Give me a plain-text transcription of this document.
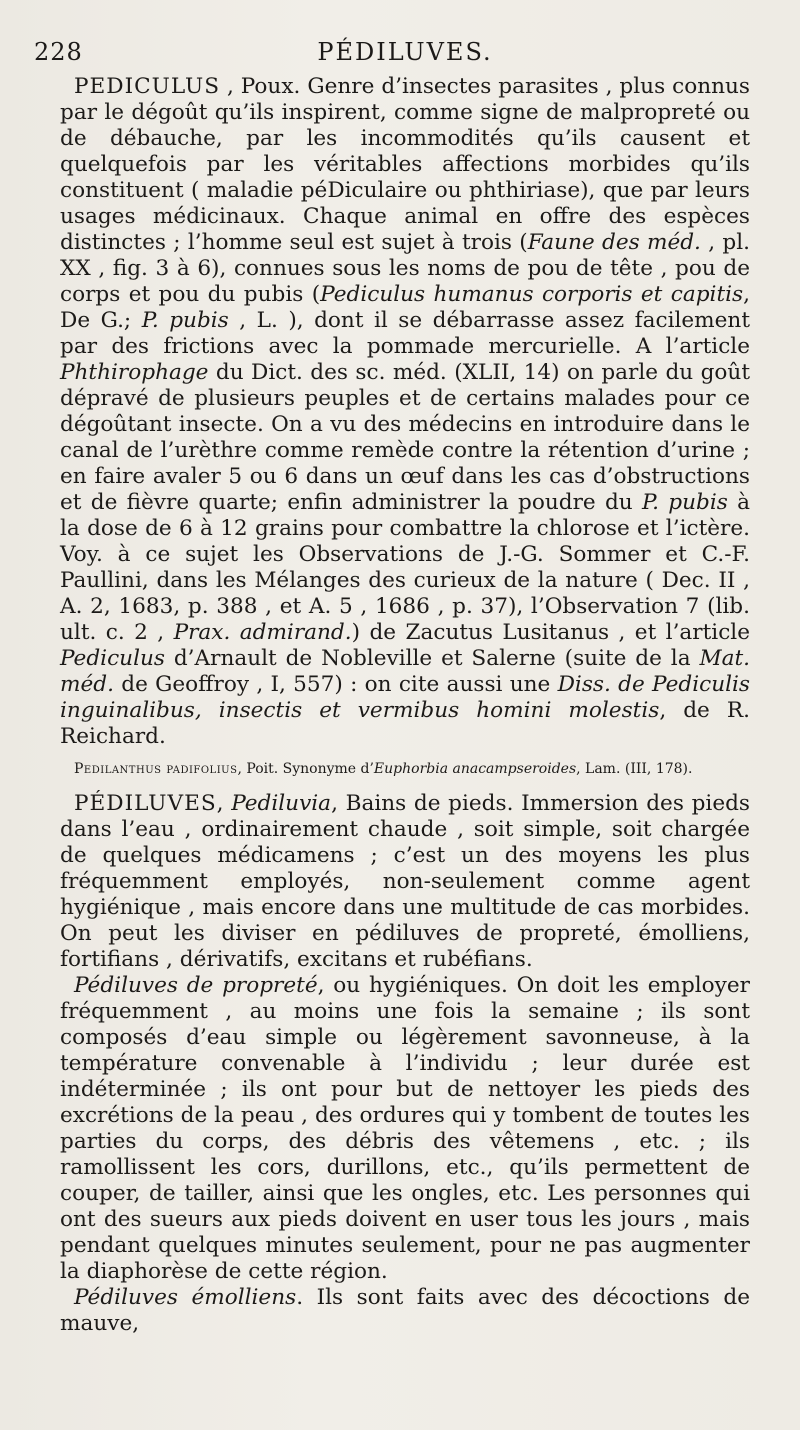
228	PÉDILUVES.

PEDICULUS , Poux. Genre d’insectes parasites , plus connus par le dégoût qu’ils inspirent, comme signe de malpropreté ou de débauche, par les incommodités qu’ils causent et quelquefois par les véritables affections morbides qu’ils constituent ( maladie péDiculaire ou phthiriase), que par leurs usages médicinaux. Chaque animal en offre des espèces distinctes ; l’homme seul est sujet à trois (Faune des méd. , pl. XX , fig. 3 à 6), connues sous les noms de pou de tête , pou de corps et pou du pubis (Pediculus humanus corporis et capitis, De G.; P. pubis , L. ), dont il se débarrasse assez facilement par des frictions avec la pommade mercurielle. A l’article Phthirophage du Dict. des sc. méd. (XLII, 14) on parle du goût dépravé de plusieurs peuples et de certains malades pour ce dégoûtant insecte. On a vu des médecins en introduire dans le canal de l’urèthre comme remède contre la rétention d’urine ; en faire avaler 5 ou 6 dans un œuf dans les cas d’obstructions et de fièvre quarte; enfin administrer la poudre du P. pubis à la dose de 6 à 12 grains pour combattre la chlorose et l’ictère. Voy. à ce sujet les Observations de J.-G. Sommer et C.-F. Paullini, dans les Mélanges des curieux de la nature ( Dec. II , A. 2, 1683, p. 388 , et A. 5 , 1686 , p. 37), l’Observation 7 (lib. ult. c. 2 , Prax. admirand.) de Zacutus Lusitanus , et l’article Pediculus d’Arnault de Nobleville et Salerne (suite de la Mat. méd. de Geoffroy , I, 557) : on cite aussi une Diss. de Pediculis inguinalibus, insectis et vermibus homini molestis, de R. Reichard.

Pedilanthus padifolius, Poit. Synonyme d’Euphorbia anacampseroides, Lam. (III, 178).

PÉDILUVES, Pediluvia, Bains de pieds. Immersion des pieds dans l’eau , ordinairement chaude , soit simple, soit chargée de quelques médicamens ; c’est un des moyens les plus fréquemment employés, non-seulement comme agent hygiénique , mais encore dans une multitude de cas morbides. On peut les diviser en pédiluves de propreté, émolliens, fortifians , dérivatifs, excitans et rubéfians.

Pédiluves de propreté, ou hygiéniques. On doit les employer fréquemment , au moins une fois la semaine ; ils sont composés d’eau simple ou légèrement savonneuse, à la température convenable à l’individu ; leur durée est indéterminée ; ils ont pour but de nettoyer les pieds des excrétions de la peau , des ordures qui y tombent de toutes les parties du corps, des débris des vêtemens , etc. ; ils ramollissent les cors, durillons, etc., qu’ils permettent de couper, de tailler, ainsi que les ongles, etc. Les personnes qui ont des sueurs aux pieds doivent en user tous les jours , mais pendant quelques minutes seulement, pour ne pas augmenter la diaphorèse de cette région.

Pédiluves émolliens. Ils sont faits avec des décoctions de mauve,
